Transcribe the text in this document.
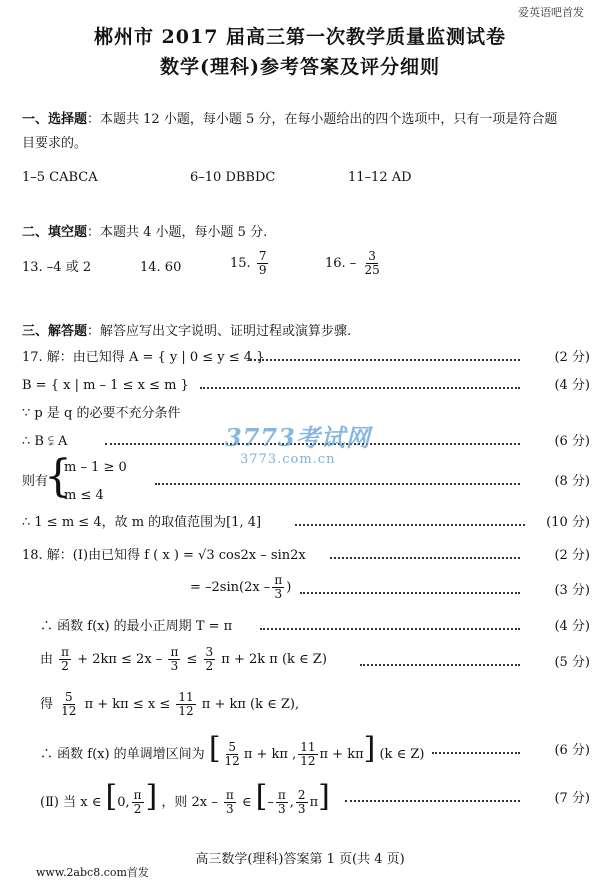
爱英语吧首发
郴州市 2017 届高三第一次教学质量监测试卷
数学(理科)参考答案及评分细则
一、选择题：本题共 12 小题，每小题 5 分，在每小题给出的四个选项中，只有一项是符合题
目要求的。
1–5 CABCA	6–10 DBBDC	11–12 AD
二、填空题：本题共 4 小题，每小题 5 分.
13. –4 或 2	14. 60	15. $\frac{7}{9}$	16. – $\frac{3}{25}$
三、解答题：解答应写出文字说明、证明过程或演算步骤.
17. 解：由已知得 A = { y | 0 ≤ y ≤ 4 }	(2 分)
B = { x | m – 1 ≤ x ≤ m }	(4 分)
∵ p 是 q 的必要不充分条件
∴ B ⫋ A	(6 分)
则有
{
m – 1 ≥ 0
m ≤ 4
(8 分)
∴ 1 ≤ m ≤ 4，故 m 的取值范围为[1, 4]	(10 分)
3773考试网
3773.com.cn
18. 解：(Ⅰ)由已知得 f ( x ) = √3 cos2x – sin2x	(2 分)
= $-2\sin(2x - \frac{\pi}{3}$ )	(3 分)
∴ 函数 f(x) 的最小正周期 T = π	(4 分)
由 $\frac{\pi}{2} + 2k\pi \le 2x - \frac{\pi}{3} \le \frac{3}{2}$ π + 2k π (k ∈ Z)	(5 分)
得 $\frac{5}{12}$ $\pi + k\pi \le x \le \frac{11}{12}$ π + kπ (k ∈ Z),
∴ 函数 f(x) 的单调增区间为 [ $\frac{5}{12}$ π + kπ , $\frac{11}{12}$ π + kπ] (k ∈ Z)	(6 分)
(Ⅱ) 当 x ∈ [0, $\frac{\pi}{2}$ ] ，则 $2x - \frac{\pi}{3}$ ∈ [– $\frac{\pi}{3}$ , $\frac{2}{3} \pi$]	(7 分)
高三数学(理科)答案第 1 页(共 4 页)
www.2abc8.com首发
